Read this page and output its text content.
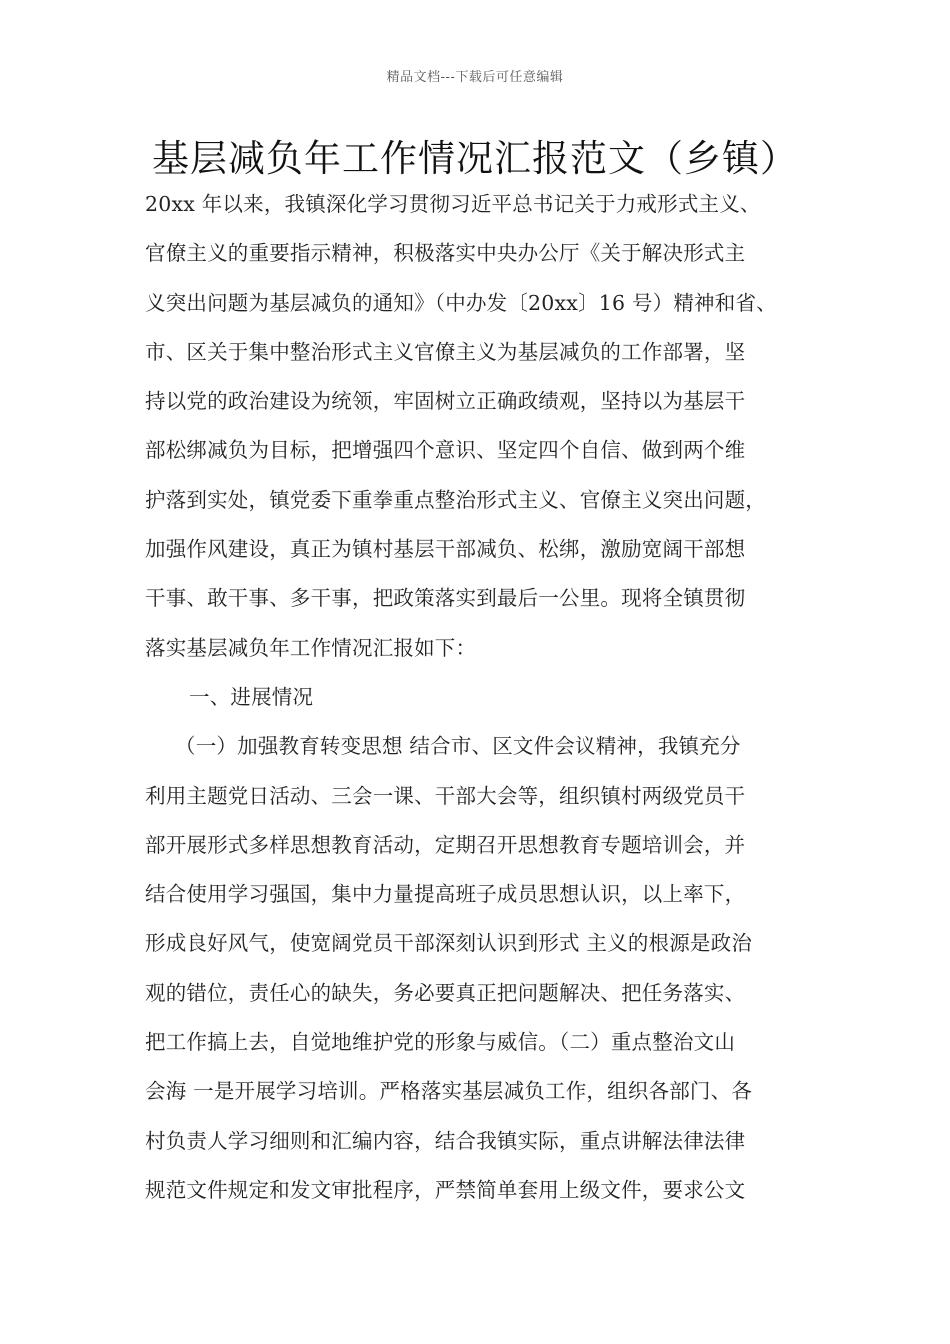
精品文档---下载后可任意编辑
基层减负年工作情况汇报范文（乡镇）
20xx 年以来，我镇深化学习贯彻习近平总书记关于力戒形式主义、
官僚主义的重要指示精神，积极落实中央办公厅《关于解决形式主
义突出问题为基层减负的通知》（中办发〔20xx〕16 号）精神和省、
市、区关于集中整治形式主义官僚主义为基层减负的工作部署，坚
持以党的政治建设为统领，牢固树立正确政绩观，坚持以为基层干
部松绑减负为目标，把增强四个意识、坚定四个自信、做到两个维
护落到实处，镇党委下重拳重点整治形式主义、官僚主义突出问题，
加强作风建设，真正为镇村基层干部减负、松绑，激励宽阔干部想
干事、敢干事、多干事，把政策落实到最后一公里。现将全镇贯彻
落实基层减负年工作情况汇报如下：
一、进展情况
（一）加强教育转变思想 结合市、区文件会议精神，我镇充分
利用主题党日活动、三会一课、干部大会等，组织镇村两级党员干
部开展形式多样思想教育活动，定期召开思想教育专题培训会，并
结合使用学习强国，集中力量提高班子成员思想认识，以上率下，
形成良好风气，使宽阔党员干部深刻认识到形式 主义的根源是政治
观的错位，责任心的缺失，务必要真正把问题解决、把任务落实、
把工作搞上去，自觉地维护党的形象与威信。（二）重点整治文山
会海 一是开展学习培训。严格落实基层减负工作，组织各部门、各
村负责人学习细则和汇编内容，结合我镇实际，重点讲解法律法律
规范文件规定和发文审批程序，严禁简单套用上级文件，要求公文
